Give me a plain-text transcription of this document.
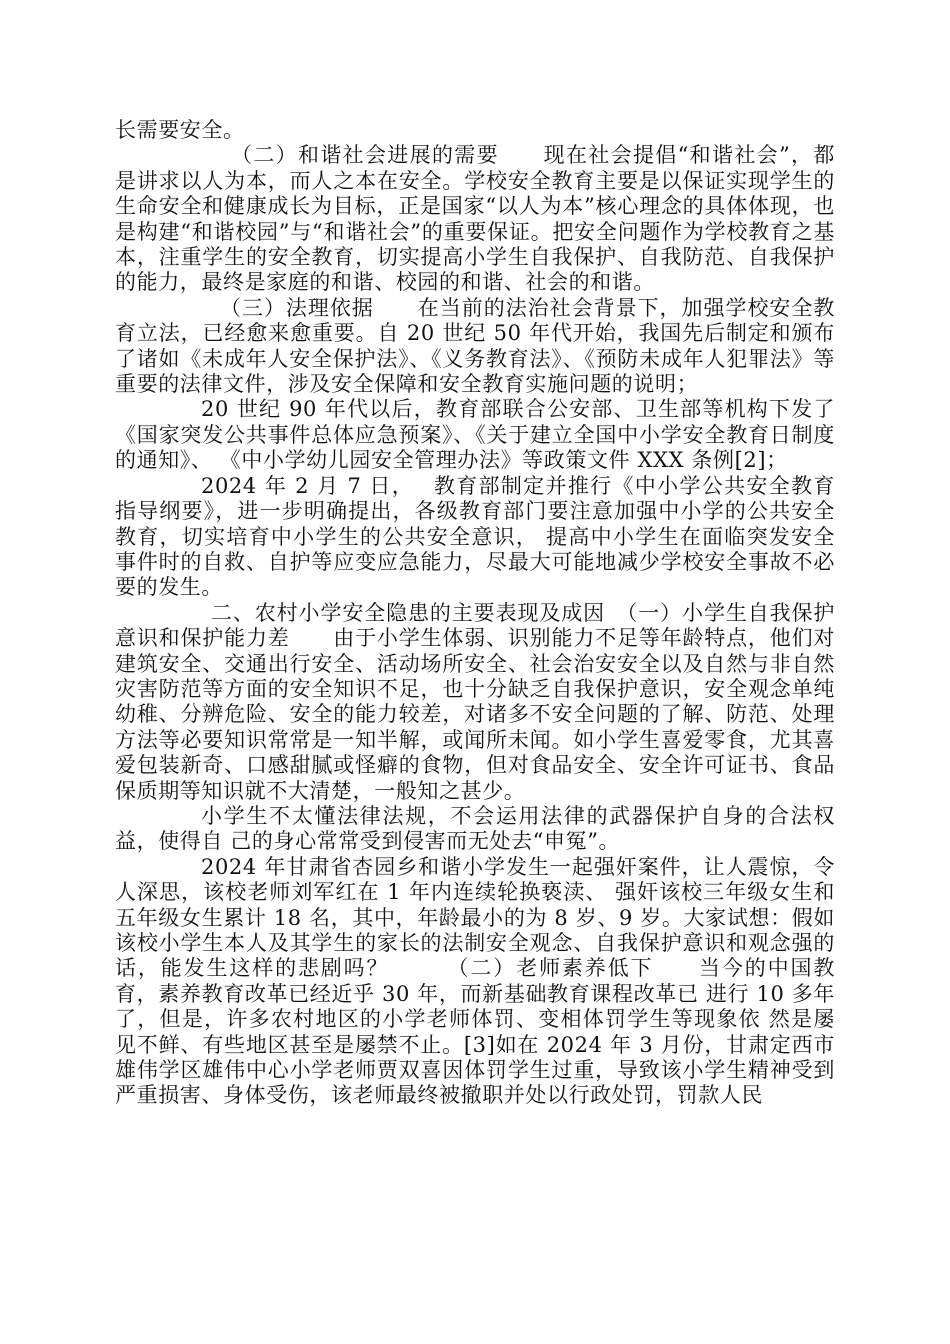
长需要安全。

（二）和谐社会进展的需要　　现在社会提倡“和谐社会”，都是讲求以人为本，而人之本在安全。学校安全教育主要是以保证实现学生的生命安全和健康成长为目标，正是国家“以人为本”核心理念的具体体现，也是构建“和谐校园”与“和谐社会”的重要保证。把安全问题作为学校教育之基本，注重学生的安全教育，切实提高小学生自我保护、自我防范、自我保护的能力，最终是家庭的和谐、校园的和谐、社会的和谐。

（三）法理依据　　在当前的法治社会背景下，加强学校安全教育立法，已经愈来愈重要。自 20 世纪 50 年代开始，我国先后制定和颁布了诸如《未成年人安全保护法》、《义务教育法》、《预防未成年人犯罪法》等重要的法律文件，涉及安全保障和安全教育实施问题的说明；

20 世纪 90 年代以后，教育部联合公安部、卫生部等机构下发了《国家突发公共事件总体应急预案》、《关于建立全国中小学安全教育日制度的通知》、 《中小学幼儿园安全管理办法》等政策文件 XXX 条例[2]；

2024 年 2 月 7 日，　 教育部制定并推行《中小学公共安全教育指导纲要》，进一步明确提出，各级教育部门要注意加强中小学的公共安全教育，切实培育中小学生的公共安全意识， 提高中小学生在面临突发安全事件时的自救、自护等应变应急能力，尽最大可能地减少学校安全事故不必要的发生。

二、农村小学安全隐患的主要表现及成因　（一）小学生自我保护意识和保护能力差　　由于小学生体弱、识别能力不足等年龄特点，他们对建筑安全、交通出行安全、活动场所安全、社会治安安全以及自然与非自然灾害防范等方面的安全知识不足，也十分缺乏自我保护意识，安全观念单纯幼稚、分辨危险、安全的能力较差，对诸多不安全问题的了解、防范、处理方法等必要知识常常是一知半解，或闻所未闻。如小学生喜爱零食，尤其喜爱包装新奇、口感甜腻或怪癖的食物，但对食品安全、安全许可证书、食品保质期等知识就不大清楚，一般知之甚少。

小学生不太懂法律法规，不会运用法律的武器保护自身的合法权益，使得自 己的身心常常受到侵害而无处去“申冤”。

2024 年甘肃省杏园乡和谐小学发生一起强奸案件，让人震惊，令人深思，该校老师刘军红在 1 年内连续轮换亵渎、 强奸该校三年级女生和五年级女生累计 18 名，其中，年龄最小的为 8 岁、9 岁。大家试想：假如该校小学生本人及其学生的家长的法制安全观念、自我保护意识和观念强的话，能发生这样的悲剧吗？　　　（二）老师素养低下　　当今的中国教育，素养教育改革已经近乎 30 年，而新基础教育课程改革已 进行 10 多年了，但是，许多农村地区的小学老师体罚、变相体罚学生等现象依 然是屡见不鲜、有些地区甚至是屡禁不止。[3]如在 2024 年 3 月份，甘肃定西市雄伟学区雄伟中心小学老师贾双喜因体罚学生过重，导致该小学生精神受到严重损害、身体受伤，该老师最终被撤职并处以行政处罚，罚款人民
